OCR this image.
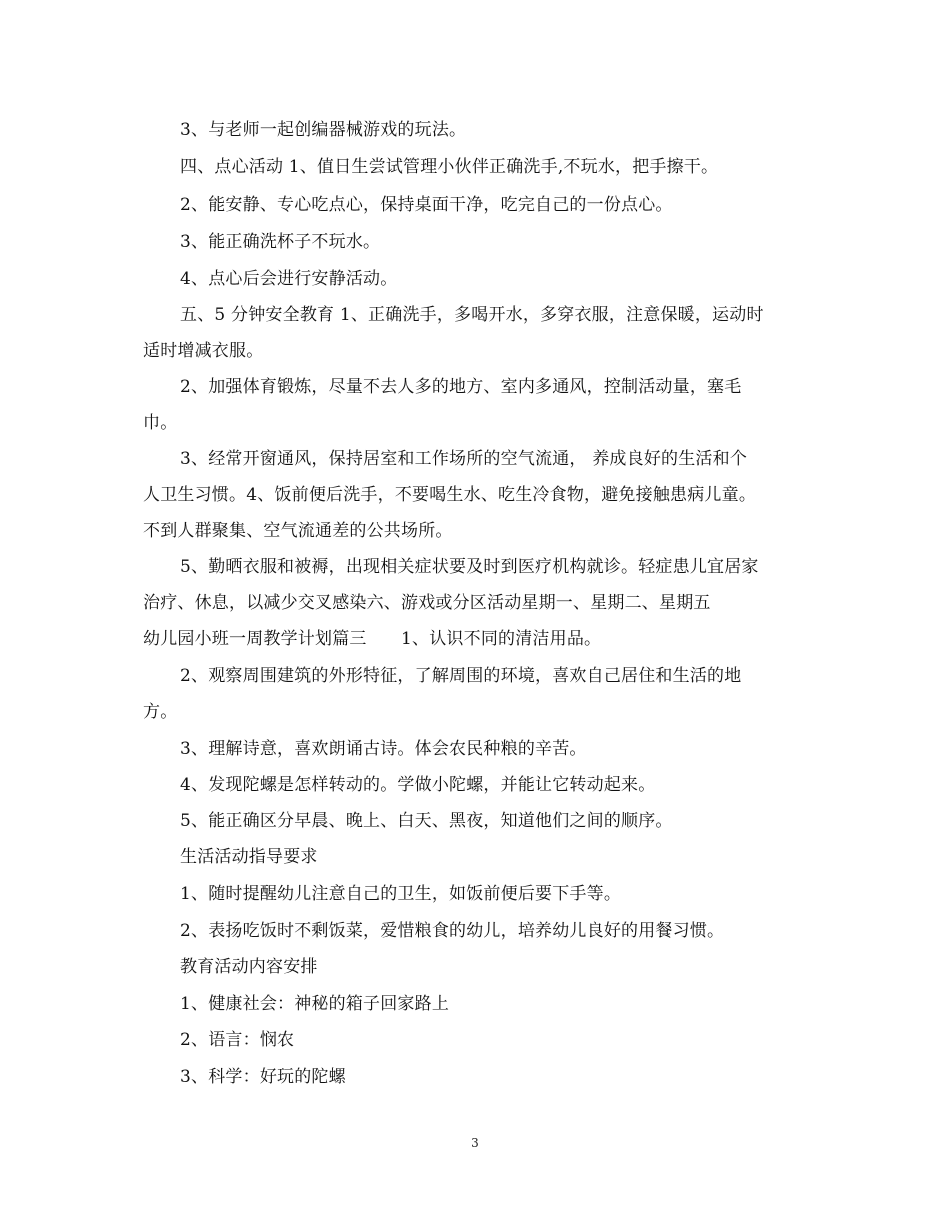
3、与老师一起创编器械游戏的玩法。
四、点心活动 1、值日生尝试管理小伙伴正确洗手,不玩水，把手擦干。
2、能安静、专心吃点心，保持桌面干净，吃完自己的一份点心。
3、能正确洗杯子不玩水。
4、点心后会进行安静活动。
五、5 分钟安全教育 1、正确洗手，多喝开水，多穿衣服，注意保暖，运动时
适时增减衣服。
2、加强体育锻炼，尽量不去人多的地方、室内多通风，控制活动量，塞毛
巾。
3、经常开窗通风，保持居室和工作场所的空气流通， 养成良好的生活和个
人卫生习惯。4、饭前便后洗手，不要喝生水、吃生冷食物，避免接触患病儿童。
不到人群聚集、空气流通差的公共场所。
5、勤晒衣服和被褥，出现相关症状要及时到医疗机构就诊。轻症患儿宜居家
治疗、休息，以减少交叉感染六、游戏或分区活动星期一、星期二、星期五
幼儿园小班一周教学计划篇三　　1、认识不同的清洁用品。
2、观察周围建筑的外形特征，了解周围的环境，喜欢自己居住和生活的地
方。
3、理解诗意，喜欢朗诵古诗。体会农民种粮的辛苦。
4、发现陀螺是怎样转动的。学做小陀螺，并能让它转动起来。
5、能正确区分早晨、晚上、白天、黑夜，知道他们之间的顺序。
生活活动指导要求
1、随时提醒幼儿注意自己的卫生，如饭前便后要下手等。
2、表扬吃饭时不剩饭菜，爱惜粮食的幼儿，培养幼儿良好的用餐习惯。
教育活动内容安排
1、健康社会：神秘的箱子回家路上
2、语言：悯农
3、科学：好玩的陀螺
3
